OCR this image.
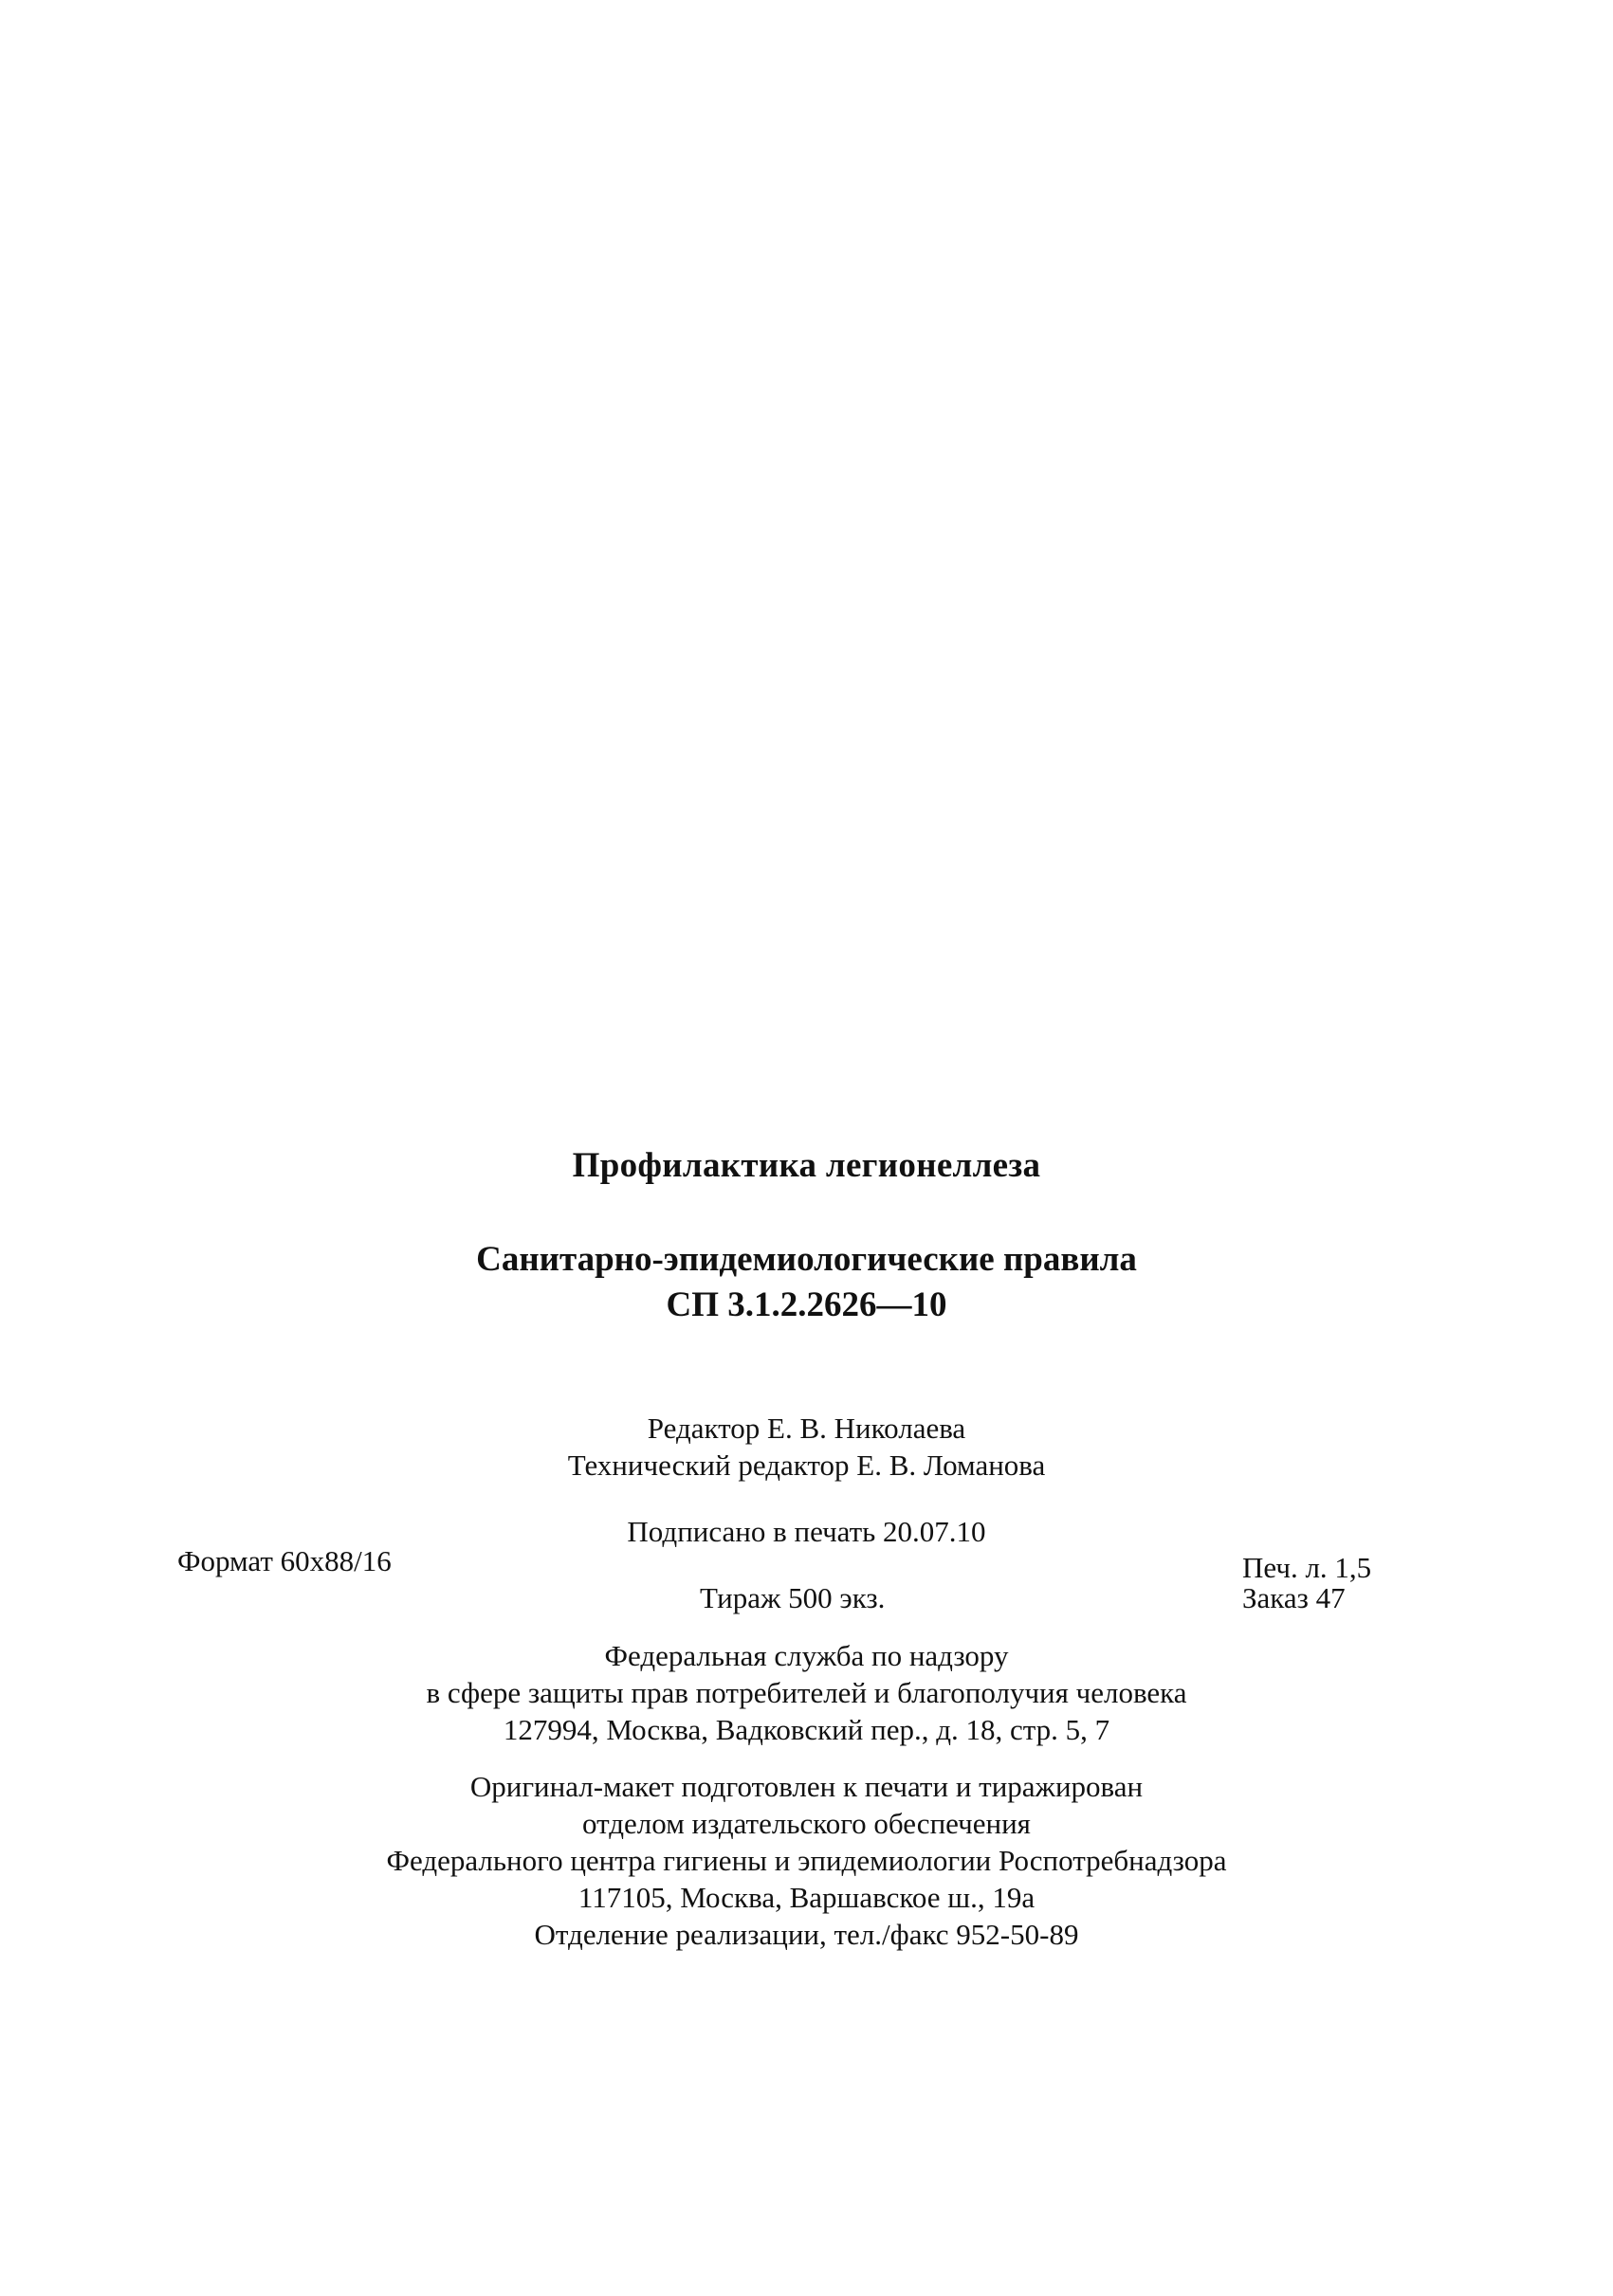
Профилактика легионеллеза
Санитарно-эпидемиологические правила
СП 3.1.2.2626—10
Редактор Е. В. Николаева
Технический редактор Е. В. Ломанова
Подписано в печать 20.07.10
Формат 60x88/16	Печ. л. 1,5
Тираж 500 экз.	Заказ 47
Федеральная служба по надзору
в сфере защиты прав потребителей и благополучия человека
127994, Москва, Вадковский пер., д. 18, стр. 5, 7
Оригинал-макет подготовлен к печати и тиражирован
отделом издательского обеспечения
Федерального центра гигиены и эпидемиологии Роспотребнадзора
117105, Москва, Варшавское ш., 19а
Отделение реализации, тел./факс 952-50-89
